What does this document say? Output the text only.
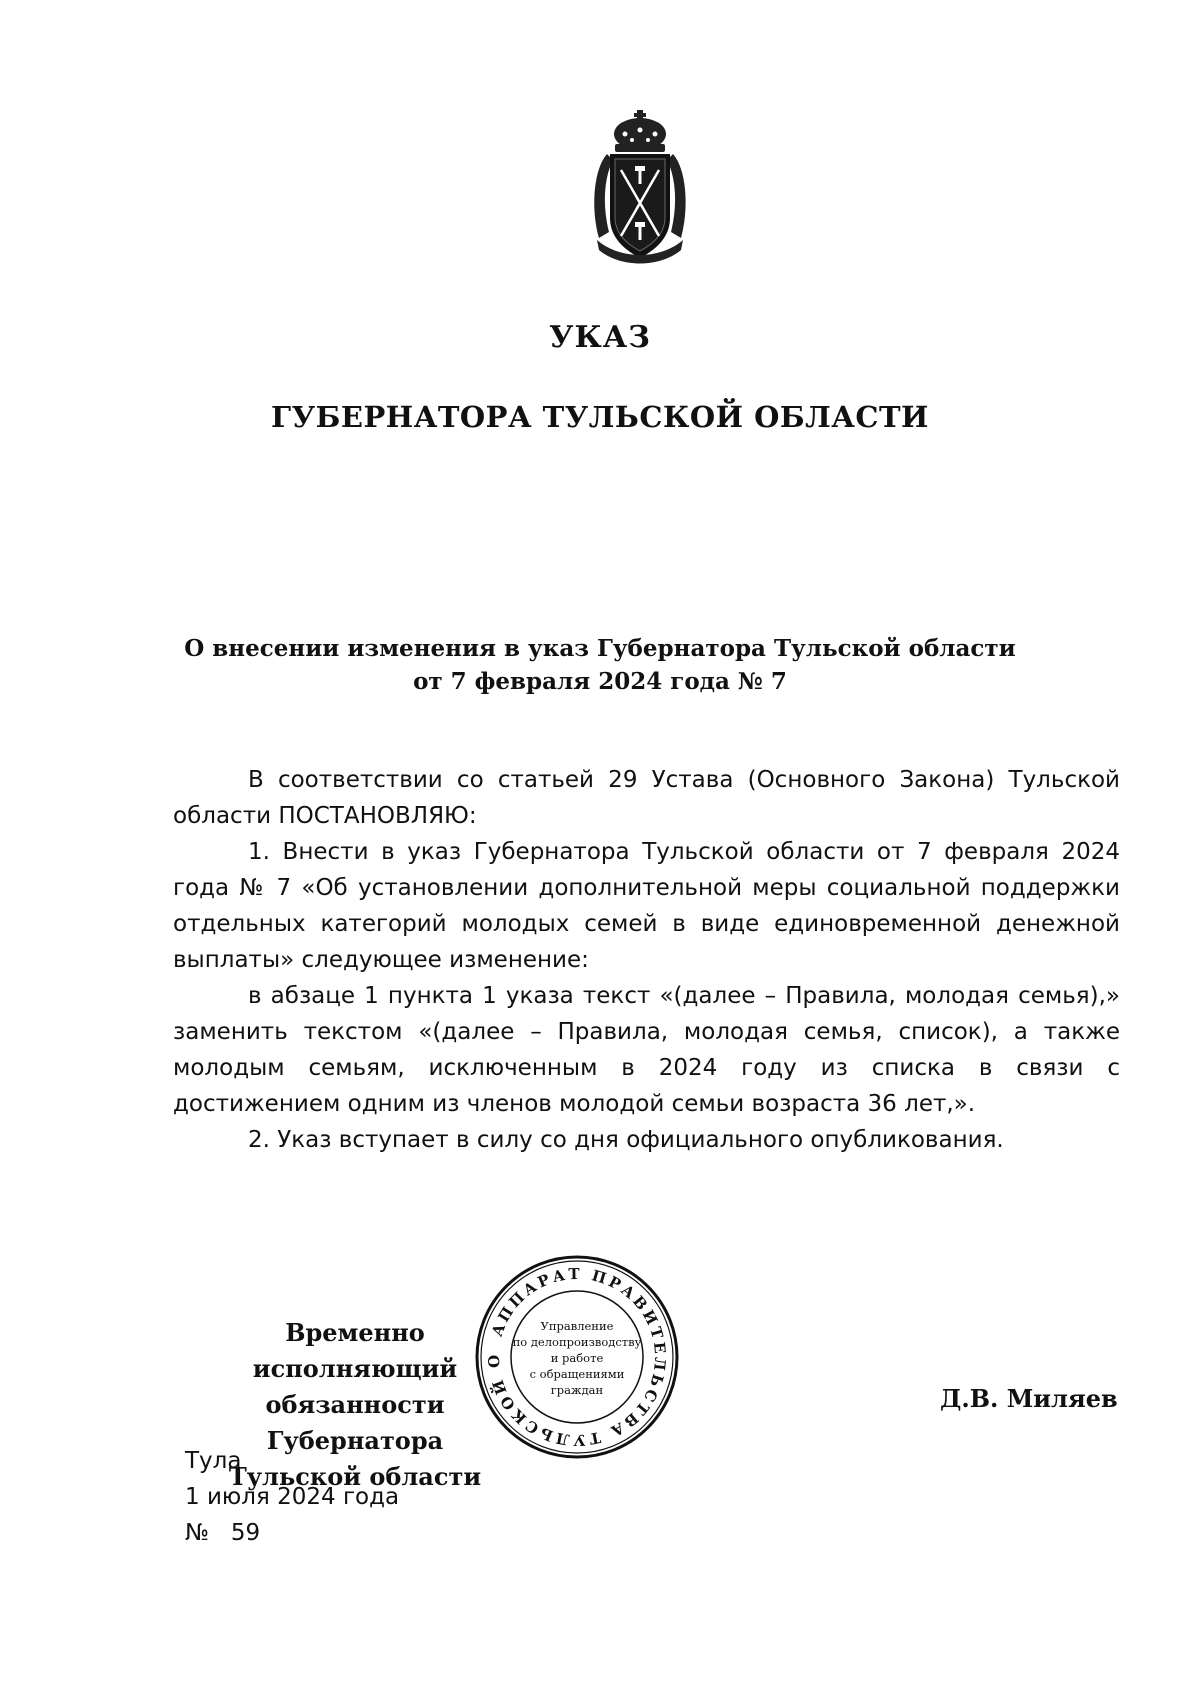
УКАЗ
ГУБЕРНАТОРА ТУЛЬСКОЙ ОБЛАСТИ
О внесении изменения в указ Губернатора Тульской области
от 7 февраля 2024 года № 7

В соответствии со статьей 29 Устава (Основного Закона) Тульской области ПОСТАНОВЛЯЮ:

1. Внести в указ Губернатора Тульской области от 7 февраля 2024 года № 7 «Об установлении дополнительной меры социальной поддержки отдельных категорий молодых семей в виде единовременной денежной выплаты» следующее изменение:

в абзаце 1 пункта 1 указа текст «(далее – Правила, молодая семья),» заменить текстом «(далее – Правила, молодая семья, список), а также молодым семьям, исключенным в 2024 году из списка в связи с достижением одним из членов молодой семьи возраста 36 лет,».

2. Указ вступает в силу со дня официального опубликования.

Временно исполняющий
обязанности Губернатора
Тульской области
АППАРАТ ПРАВИТЕЛЬСТВА ТУЛЬСКОЙ О
Управление
по делопроизводству
и работе
с обращениями
граждан	Д.В. Миляев
Тула
1 июля 2024 года
№   59
